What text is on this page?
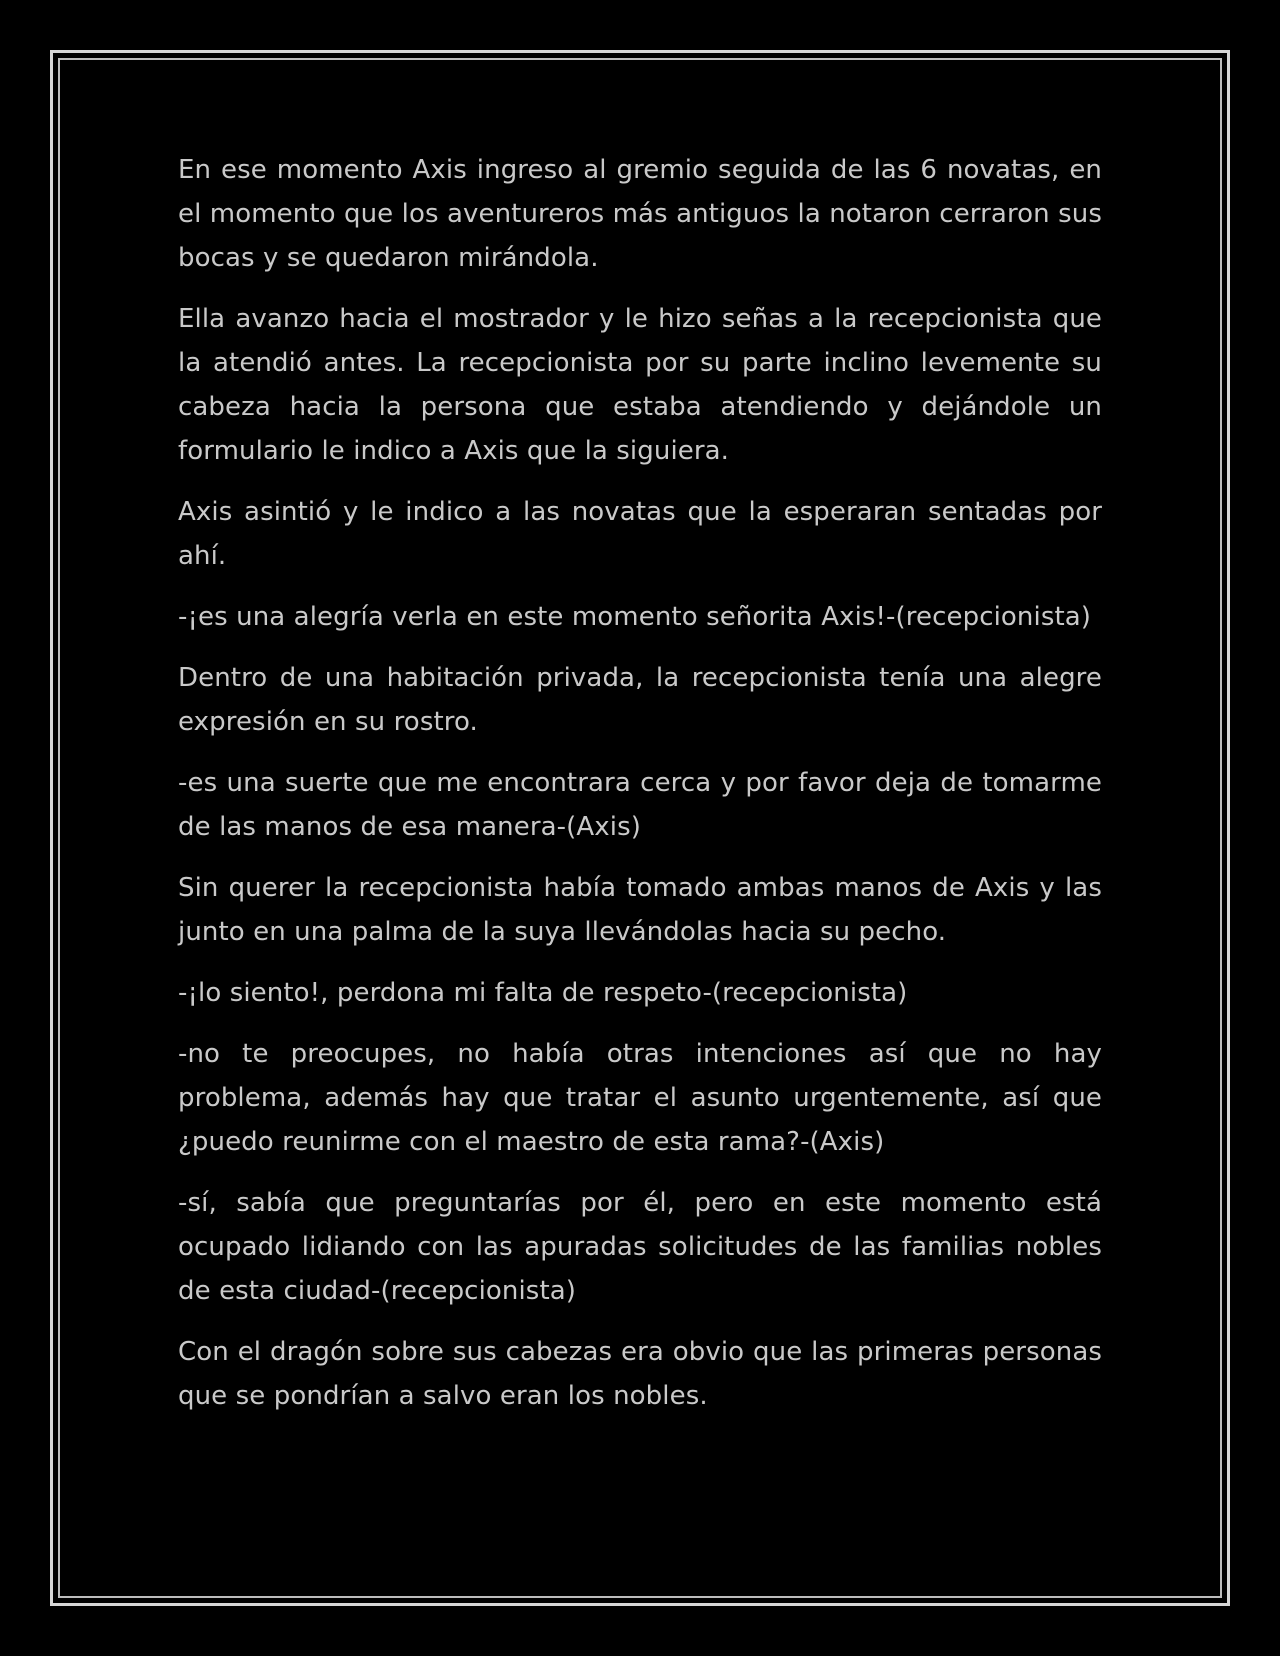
En ese momento Axis ingreso al gremio seguida de las 6 novatas, en el momento que los aventureros más antiguos la notaron cerraron sus bocas y se quedaron mirándola.

Ella avanzo hacia el mostrador y le hizo señas a la recepcionista que la atendió antes. La recepcionista por su parte inclino levemente su cabeza hacia la persona que estaba atendiendo y dejándole un formulario le indico a Axis que la siguiera.

Axis asintió y le indico a las novatas que la esperaran sentadas por ahí.

-¡es una alegría verla en este momento señorita Axis!-(recepcionista)

Dentro de una habitación privada, la recepcionista tenía una alegre expresión en su rostro.

-es una suerte que me encontrara cerca y por favor deja de tomarme de las manos de esa manera-(Axis)

Sin querer la recepcionista había tomado ambas manos de Axis y las junto en una palma de la suya llevándolas hacia su pecho.

-¡lo siento!, perdona mi falta de respeto-(recepcionista)

-no te preocupes, no había otras intenciones así que no hay problema, además hay que tratar el asunto urgentemente, así que ¿puedo reunirme con el maestro de esta rama?-(Axis)

-sí, sabía que preguntarías por él, pero en este momento está ocupado lidiando con las apuradas solicitudes de las familias nobles de esta ciudad-(recepcionista)

Con el dragón sobre sus cabezas era obvio que las primeras personas que se pondrían a salvo eran los nobles.
